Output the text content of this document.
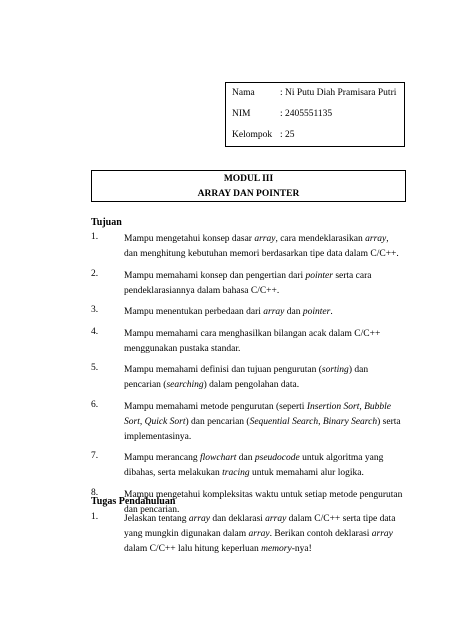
Nama	: Ni Putu Diah Pramisara Putri
NIM	: 2405551135
Kelompok : 25
MODUL III
ARRAY DAN POINTER
Tujuan
1.	Mampu mengetahui konsep dasar array, cara mendeklarasikan array,
dan menghitung kebutuhan memori berdasarkan tipe data dalam C/C++.
2.	Mampu memahami konsep dan pengertian dari pointer serta cara
pendeklarasiannya dalam bahasa C/C++.
3.	Mampu menentukan perbedaan dari array dan pointer.
4.	Mampu memahami cara menghasilkan bilangan acak dalam C/C++
menggunakan pustaka standar.
5.	Mampu memahami definisi dan tujuan pengurutan (sorting) dan
pencarian (searching) dalam pengolahan data.
6.	Mampu memahami metode pengurutan (seperti Insertion Sort, Bubble
Sort, Quick Sort) dan pencarian (Sequential Search, Binary Search) serta
implementasinya.
7.	Mampu merancang flowchart dan pseudocode untuk algoritma yang
dibahas, serta melakukan tracing untuk memahami alur logika.
8.	Mampu mengetahui kompleksitas waktu untuk setiap metode pengurutan
dan pencarian.
Tugas Pendahuluan
1.	Jelaskan tentang array dan deklarasi array dalam C/C++ serta tipe data
yang mungkin digunakan dalam array. Berikan contoh deklarasi array
dalam C/C++ lalu hitung keperluan memory-nya!
